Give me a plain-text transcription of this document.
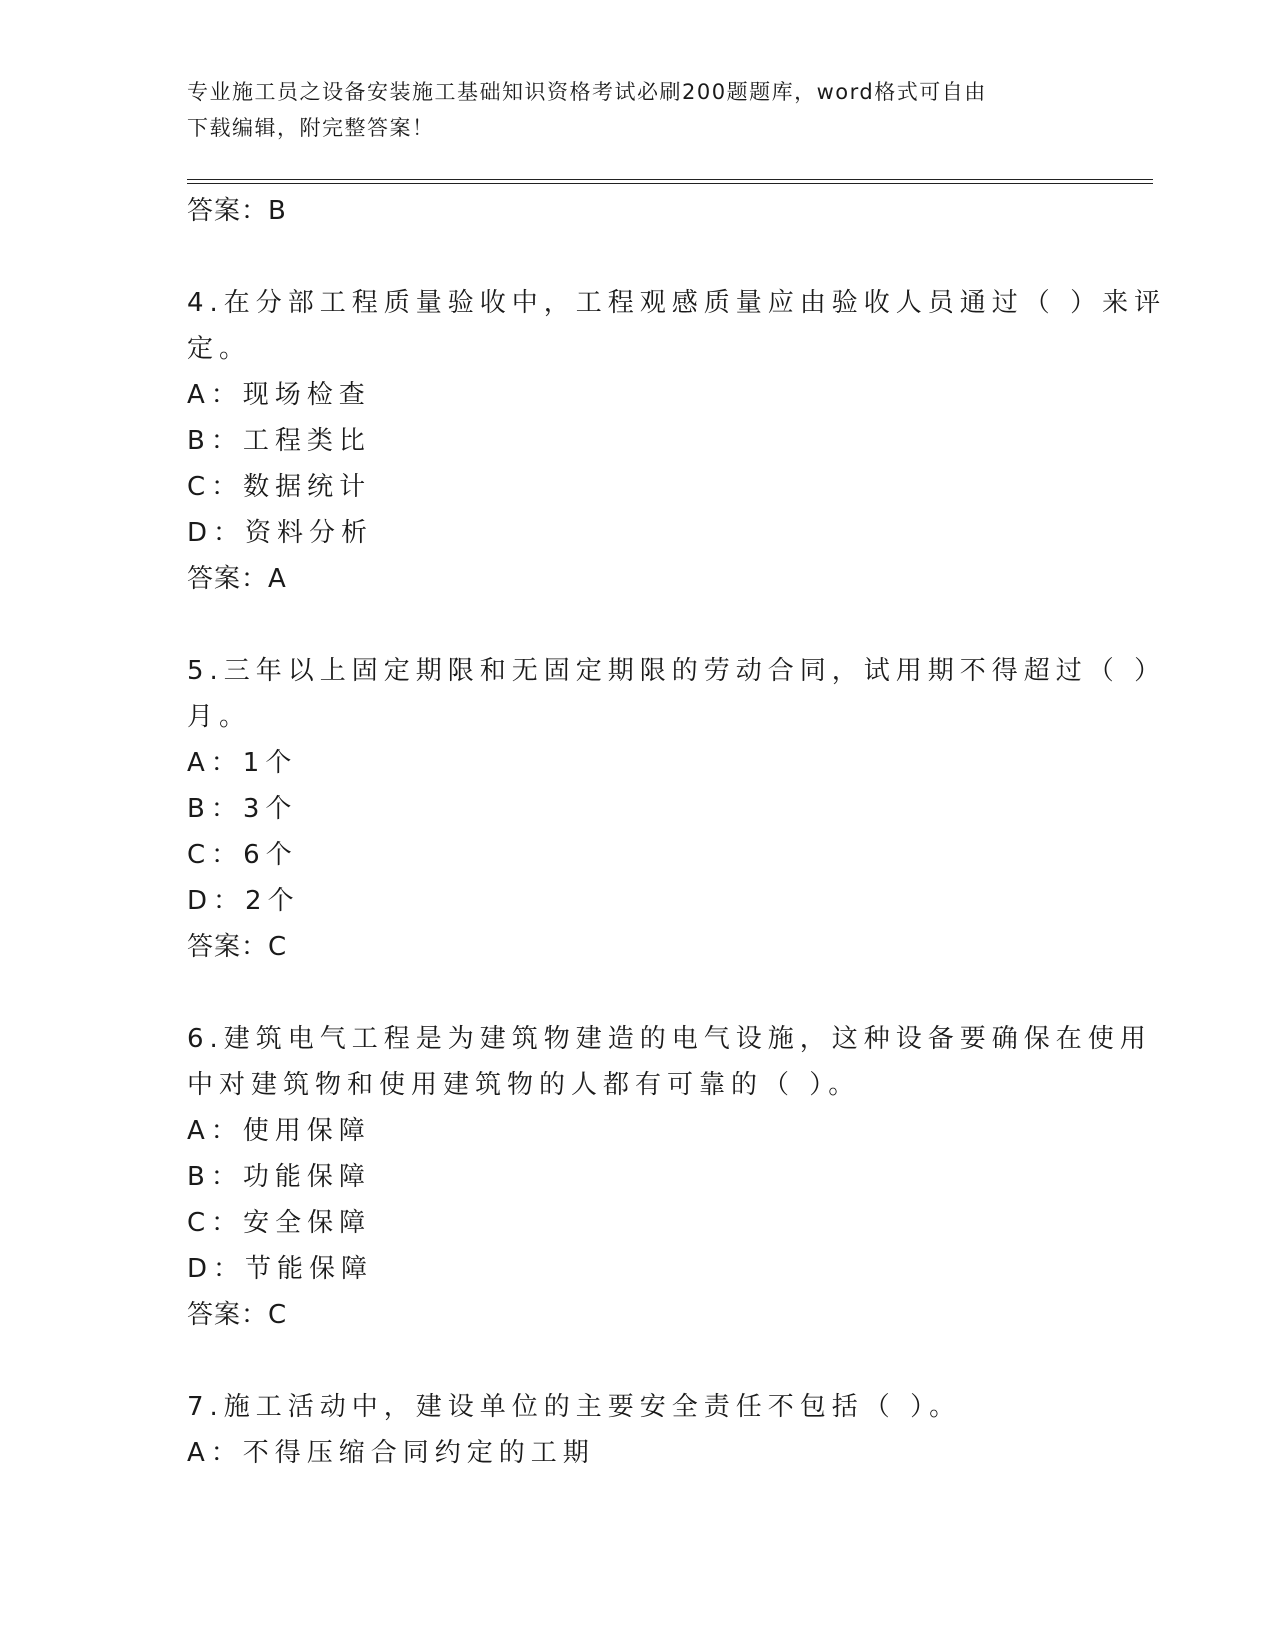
专业施工员之设备安装施工基础知识资格考试必刷200题题库，word格式可自由
下载编辑，附完整答案！
答案：B
4.在分部工程质量验收中，工程观感质量应由验收人员通过（ ）来评
定。
A：现场检查
B：工程类比
C：数据统计
D：资料分析
答案：A
5.三年以上固定期限和无固定期限的劳动合同，试用期不得超过（ ）
月。
A：1个
B：3个
C：6个
D：2个
答案：C
6.建筑电气工程是为建筑物建造的电气设施，这种设备要确保在使用
中对建筑物和使用建筑物的人都有可靠的（ ）。
A：使用保障
B：功能保障
C：安全保障
D：节能保障
答案：C
7.施工活动中，建设单位的主要安全责任不包括（ ）。
A：不得压缩合同约定的工期
